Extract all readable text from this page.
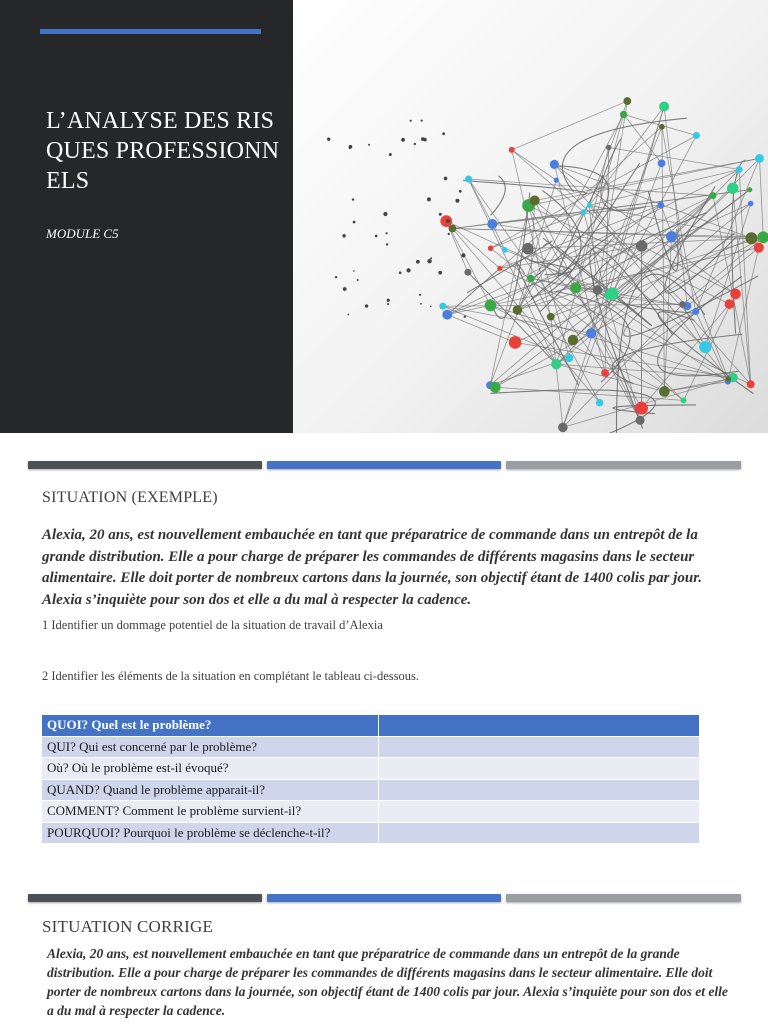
L’ANALYSE DES RISQUES PROFESSIONNELS
MODULE C5
SITUATION (EXEMPLE)
Alexia, 20 ans, est nouvellement embauchée en tant que préparatrice de commande dans un entrepôt de la grande distribution. Elle a pour charge de préparer les commandes de différents magasins dans le secteur alimentaire. Elle doit porter de nombreux cartons dans la journée, son objectif étant de 1400 colis par jour. Alexia s’inquiète pour son dos et elle a du mal à respecter la cadence.
1 Identifier un dommage potentiel de la situation de travail d’Alexia
2 Identifier les éléments de la situation en complétant le tableau ci-dessous.
QUOI? Quel est le problème?	
QUI? Qui est concerné par le problème?	
Où? Où le problème est-il évoqué?	
QUAND? Quand le problème apparait-il?	
COMMENT? Comment le problème survient-il?	
POURQUOI? Pourquoi le problème se déclenche-t-il?	
SITUATION CORRIGE
Alexia, 20 ans, est nouvellement embauchée en tant que préparatrice de commande dans un entrepôt de la grande distribution. Elle a pour charge de préparer les commandes de différents magasins dans le secteur alimentaire. Elle doit porter de nombreux cartons dans la journée, son objectif étant de 1400 colis par jour. Alexia s’inquiète pour son dos et elle a du mal à respecter la cadence.
